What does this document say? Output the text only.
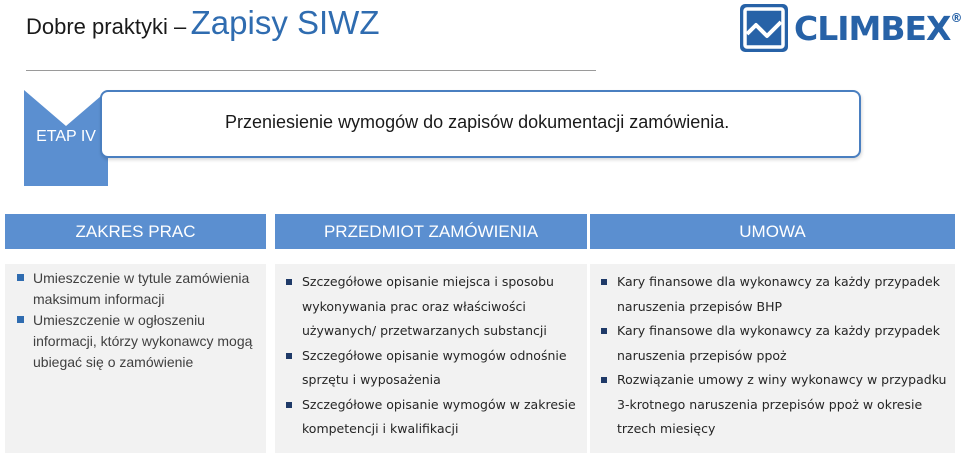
Dobre praktyki – Zapisy SIWZ	CLIMBEX®
ETAP IV
Przeniesienie wymogów do zapisów dokumentacji zamówienia.
ZAKRES PRAC	PRZEDMIOT ZAMÓWIENIA	UMOWA
Umieszczenie w tytule zamówienia maksimum informacji
Umieszczenie w ogłoszeniu informacji, którzy wykonawcy mogą ubiegać się o zamówienie
Szczegółowe opisanie miejsca i sposobu wykonywania prac oraz właściwości używanych/ przetwarzanych substancji
Szczegółowe opisanie wymogów odnośnie sprzętu i wyposażenia
Szczegółowe opisanie wymogów w zakresie kompetencji i kwalifikacji
Kary finansowe dla wykonawcy za każdy przypadek naruszenia przepisów BHP
Kary finansowe dla wykonawcy za każdy przypadek naruszenia przepisów ppoż
Rozwiązanie umowy z winy wykonawcy w przypadku 3-krotnego naruszenia przepisów ppoż w okresie trzech miesięcy
